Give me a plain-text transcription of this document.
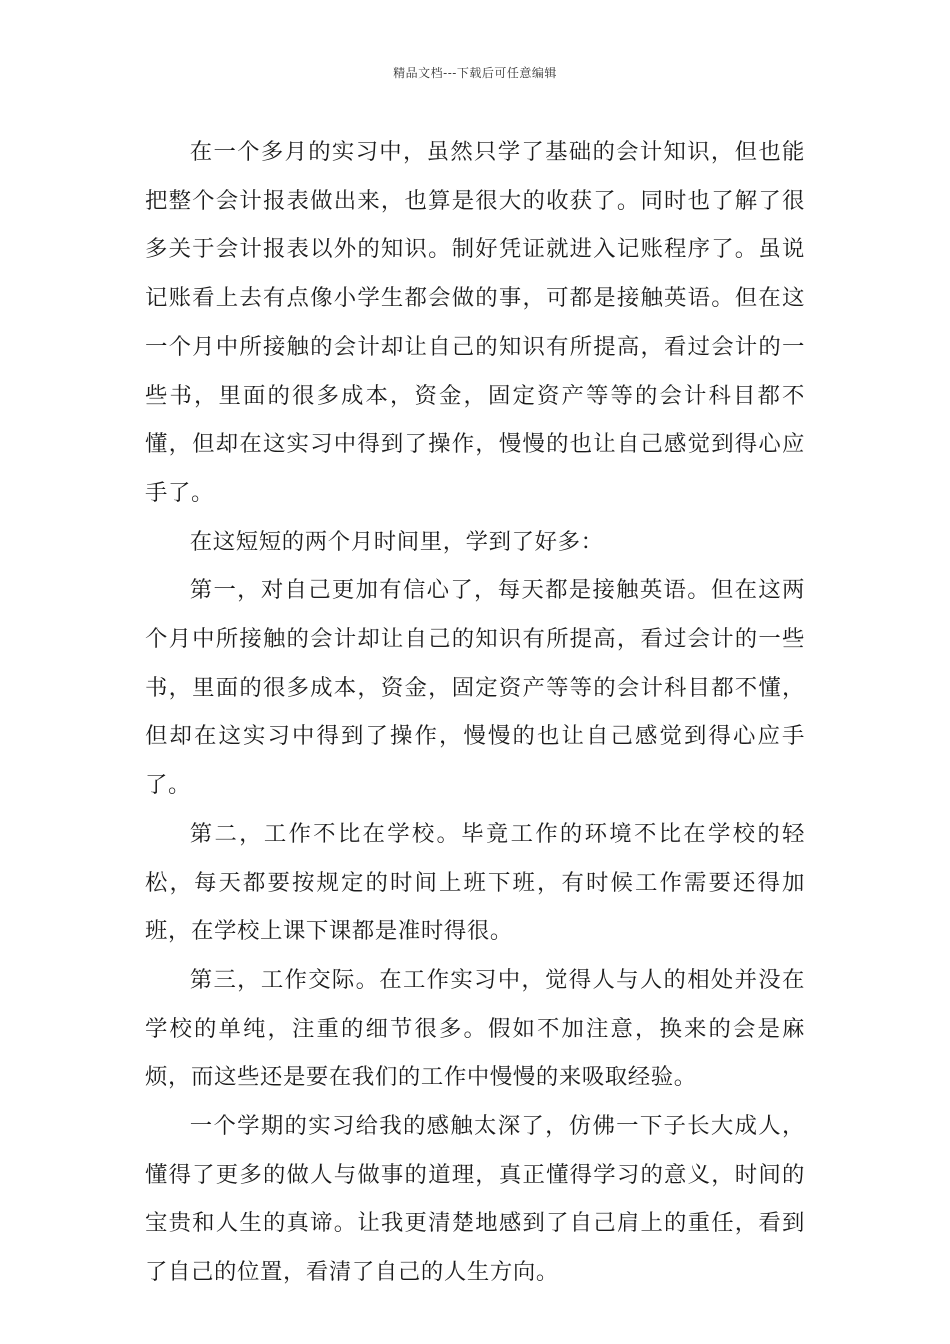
精品文档---下载后可任意编辑

在一个多月的实习中，虽然只学了基础的会计知识，但也能把整个会计报表做出来，也算是很大的收获了。同时也了解了很多关于会计报表以外的知识。制好凭证就进入记账程序了。虽说记账看上去有点像小学生都会做的事，可都是接触英语。但在这一个月中所接触的会计却让自己的知识有所提高，看过会计的一些书，里面的很多成本，资金，固定资产等等的会计科目都不懂，但却在这实习中得到了操作，慢慢的也让自己感觉到得心应手了。

在这短短的两个月时间里，学到了好多：

第一，对自己更加有信心了，每天都是接触英语。但在这两个月中所接触的会计却让自己的知识有所提高，看过会计的一些书，里面的很多成本，资金，固定资产等等的会计科目都不懂，但却在这实习中得到了操作，慢慢的也让自己感觉到得心应手了。

第二，工作不比在学校。毕竟工作的环境不比在学校的轻松，每天都要按规定的时间上班下班，有时候工作需要还得加班，在学校上课下课都是准时得很。

第三，工作交际。在工作实习中，觉得人与人的相处并没在学校的单纯，注重的细节很多。假如不加注意，换来的会是麻烦，而这些还是要在我们的工作中慢慢的来吸取经验。

一个学期的实习给我的感触太深了，仿佛一下子长大成人，懂得了更多的做人与做事的道理，真正懂得学习的意义，时间的宝贵和人生的真谛。让我更清楚地感到了自己肩上的重任，看到了自己的位置，看清了自己的人生方向。
